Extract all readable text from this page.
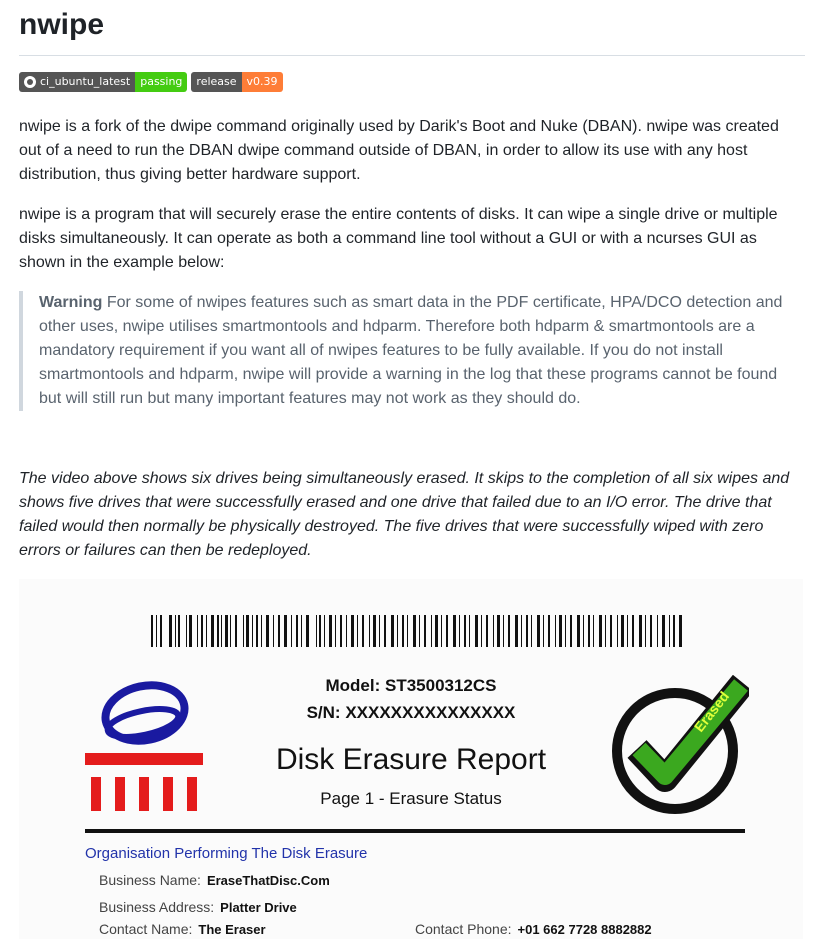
nwipe
ci_ubuntu_latest passing	release v0.39

nwipe is a fork of the dwipe command originally used by Darik's Boot and Nuke (DBAN). nwipe was created out of a need to run the DBAN dwipe command outside of DBAN, in order to allow its use with any host distribution, thus giving better hardware support.

nwipe is a program that will securely erase the entire contents of disks. It can wipe a single drive or multiple disks simultaneously. It can operate as both a command line tool without a GUI or with a ncurses GUI as shown in the example below:

Warning For some of nwipes features such as smart data in the PDF certificate, HPA/DCO detection and other uses, nwipe utilises smartmontools and hdparm. Therefore both hdparm & smartmontools are a mandatory requirement if you want all of nwipes features to be fully available. If you do not install smartmontools and hdparm, nwipe will provide a warning in the log that these programs cannot be found but will still run but many important features may not work as they should do.

The video above shows six drives being simultaneously erased. It skips to the completion of all six wipes and shows five drives that were successfully erased and one drive that failed due to an I/O error. The drive that failed would then normally be physically destroyed. The five drives that were successfully wiped with zero errors or failures can then be redeployed.

Model: ST3500312CS
S/N: XXXXXXXXXXXXXXX
Disk Erasure Report
Page 1 - Erasure Status
Erased
Organisation Performing The Disk Erasure
Business Name: EraseThatDisc.Com
Business Address: Platter Drive
Contact Name: The Eraser	Contact Phone: +01 662 7728 8882882
